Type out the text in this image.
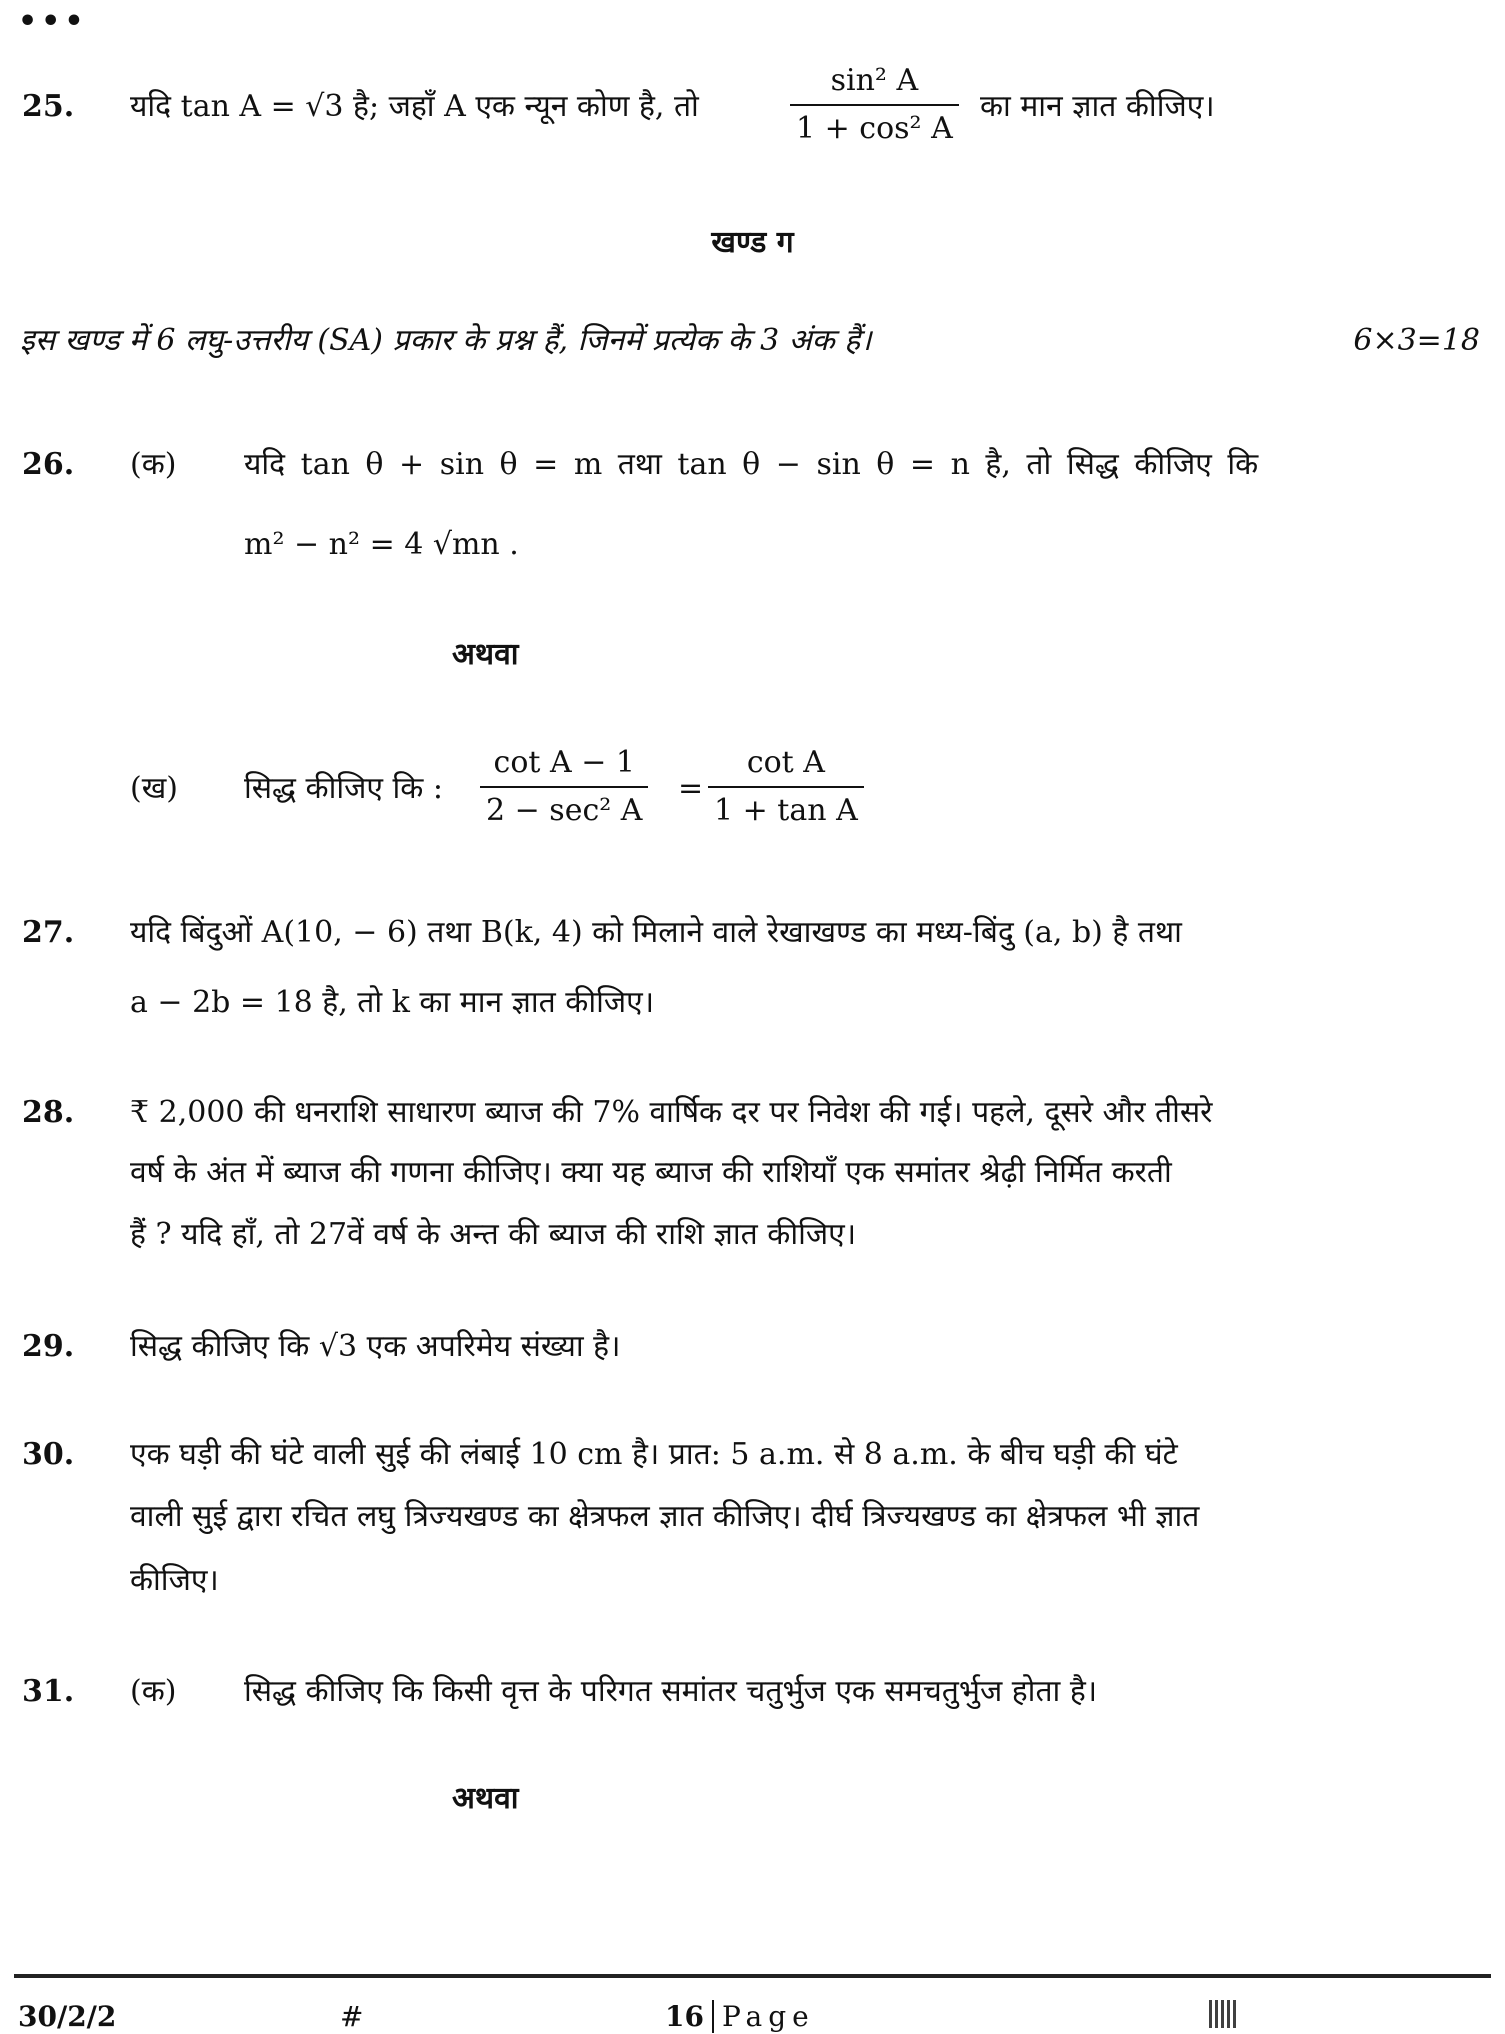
•••
25. यदि tan A = √3 है; जहाँ A एक न्यून कोण है, तो	$\frac{\text{sin² A}}{\text{1 + cos² A}}$ का मान ज्ञात कीजिए।
खण्ड ग
इस खण्ड में 6 लघु-उत्तरीय (SA) प्रकार के प्रश्न हैं, जिनमें प्रत्येक के 3 अंक हैं।	6×3=18
26. (क) यदि tan θ + sin θ = m तथा tan θ − sin θ = n है, तो सिद्ध कीजिए कि
m² − n² = 4 √mn .
अथवा
(ख) सिद्ध कीजिए कि :
cot A − 1
2 − sec² A
= $\frac{\text{cot A}}{\text{1 + tan A}}$
27. यदि बिंदुओं A(10, − 6) तथा B(k, 4) को मिलाने वाले रेखाखण्ड का मध्य-बिंदु (a, b) है तथा
a − 2b = 18 है, तो k का मान ज्ञात कीजिए।
28. ₹ 2,000 की धनराशि साधारण ब्याज की 7% वार्षिक दर पर निवेश की गई। पहले, दूसरे और तीसरे
वर्ष के अंत में ब्याज की गणना कीजिए। क्या यह ब्याज की राशियाँ एक समांतर श्रेढ़ी निर्मित करती
हैं ? यदि हाँ, तो 27वें वर्ष के अन्त की ब्याज की राशि ज्ञात कीजिए।
29. सिद्ध कीजिए कि √3 एक अपरिमेय संख्या है।
30. एक घड़ी की घंटे वाली सुई की लंबाई 10 cm है। प्रात: 5 a.m. से 8 a.m. के बीच घड़ी की घंटे
वाली सुई द्वारा रचित लघु त्रिज्यखण्ड का क्षेत्रफल ज्ञात कीजिए। दीर्घ त्रिज्यखण्ड का क्षेत्रफल भी ज्ञात
कीजिए।
31. (क) सिद्ध कीजिए कि किसी वृत्त के परिगत समांतर चतुर्भुज एक समचतुर्भुज होता है।
अथवा
30/2/2	#	16 Page
